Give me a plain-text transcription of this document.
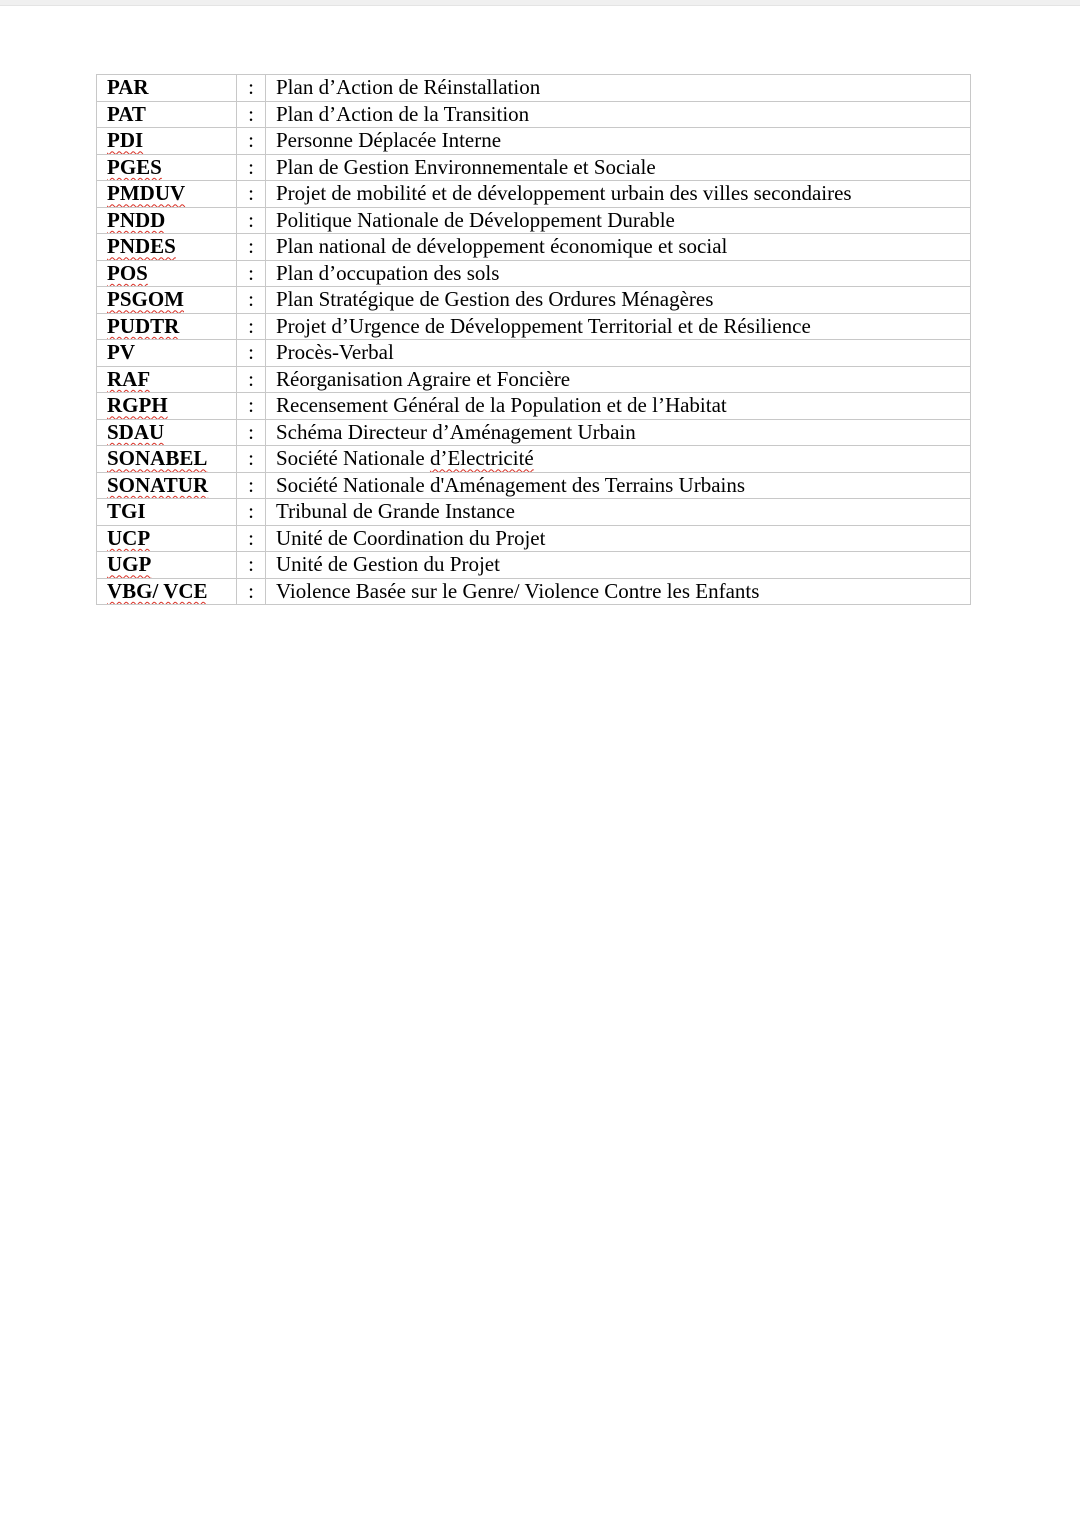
PAR	:	Plan d’Action de Réinstallation
PAT	:	Plan d’Action de la Transition
PDI	:	Personne Déplacée Interne
PGES	:	Plan de Gestion Environnementale et Sociale
PMDUV	:	Projet de mobilité et de développement urbain des villes secondaires
PNDD	:	Politique Nationale de Développement Durable
PNDES	:	Plan national de développement économique et social
POS	:	Plan d’occupation des sols
PSGOM	:	Plan Stratégique de Gestion des Ordures Ménagères
PUDTR	:	Projet d’Urgence de Développement Territorial et de Résilience
PV	:	Procès-Verbal
RAF	:	Réorganisation Agraire et Foncière
RGPH	:	Recensement Général de la Population et de l’Habitat
SDAU	:	Schéma Directeur d’Aménagement Urbain
SONABEL	:	Société Nationale d’Electricité
SONATUR	:	Société Nationale d'Aménagement des Terrains Urbains
TGI	:	Tribunal de Grande Instance
UCP	:	Unité de Coordination du Projet
UGP	:	Unité de Gestion du Projet
VBG/ VCE	:	Violence Basée sur le Genre/ Violence Contre les Enfants
